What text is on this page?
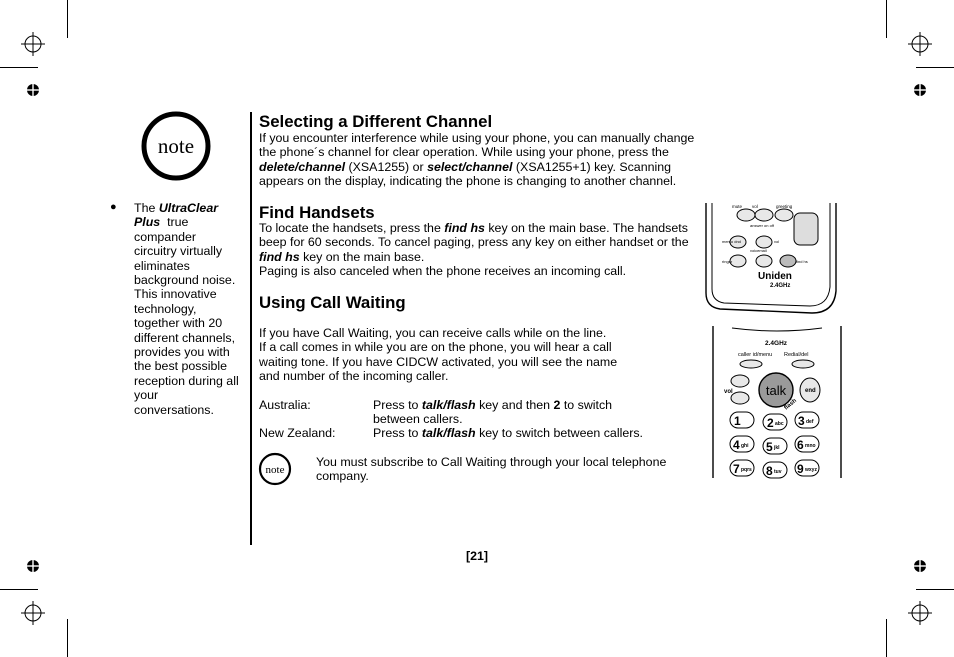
note
● The UltraClear
Plus true
compander
circuitry virtually
eliminates
background noise.
This innovative
technology,
together with 20
different channels,
provides you with
the best possible
reception during all
your
conversations.
Selecting a Different Channel
If you encounter interference while using your phone, you can manually change
the phone´s channel for clear operation. While using your phone, press the
delete/channel (XSA1255) or select/channel (XSA1255+1) key. Scanning
appears on the display, indicating the phone is changing to another channel.
Find Handsets
To locate the handsets, press the find hs key on the main base. The handsets
beep for 60 seconds. To cancel paging, press any key on either handset or the
find hs key on the main base.
Paging is also canceled when the phone receives an incoming call.
Using Call Waiting
If you have Call Waiting, you can receive calls while on the line.
If a call comes in while you are on the phone, you will hear a call
waiting tone. If you have CIDCW activated, you will see the name
and number of the incoming caller.
Australia:	Press to talk/flash key and then 2 to switch
between callers.
New Zealand:	Press to talk/flash key to switch between callers.
note
You must subscribe to Call Waiting through your local telephone
company.
mute vol	greeting
answer on off
memo dnd	vol
voicemail
ringer	find hs
Uniden
2.4GHz
2.4GHz
caller id/menu Redial/del
talk
flash
end
vol
1 2 abc 3 def
4 ghi 5 jkl 6 mno
7 pqrs 8 tuv 9 wxyz
[21]
